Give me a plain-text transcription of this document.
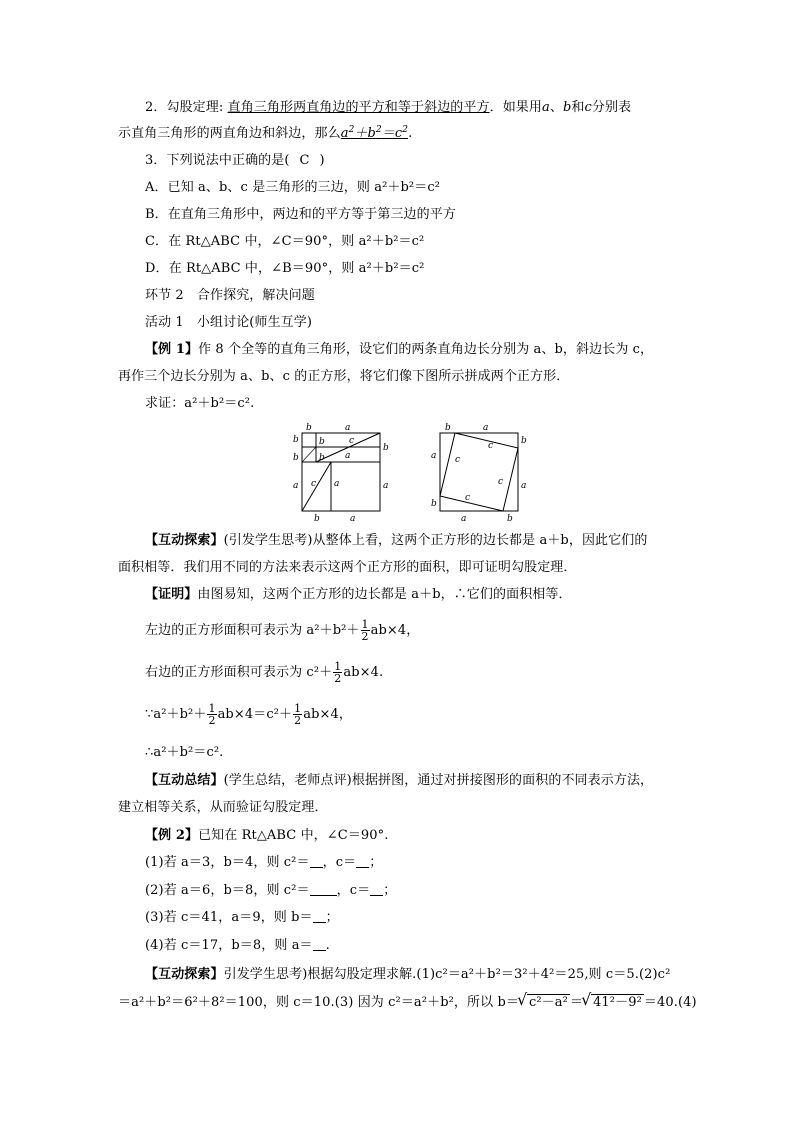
2．勾股定理: 直角三角形两直角边的平方和等于斜边的平方．如果用a、b和c分别表
示直角三角形的两直角边和斜边，那么$a^2+b^2=c^2$.
3．下列说法中正确的是( C )
A．已知 a、b、c 是三角形的三边，则 a²＋b²＝c²
B．在直角三角形中，两边和的平方等于第三边的平方
C．在 Rt△ABC 中，∠C＝90°，则 a²＋b²＝c²
D．在 Rt△ABC 中，∠B＝90°，则 a²＋b²＝c²
环节 2　合作探究，解决问题
活动 1　小组讨论(师生互学)
【例 1】作 8 个全等的直角三角形，设它们的两条直角边长分别为 a、b，斜边长为 c，
再作三个边长分别为 a、b、c 的正方形，将它们像下图所示拼成两个正方形．
求证：a²＋b²＝c².
b	a
b
b
a
b
a
c
a
b
b
c a
b	a
b	a
a
b
b
a
a	b
c
c
c
c
【互动探索】(引发学生思考)从整体上看，这两个正方形的边长都是 a＋b，因此它们的
面积相等．我们用不同的方法来表示这两个正方形的面积，即可证明勾股定理．
【证明】由图易知，这两个正方形的边长都是 a＋b，∴它们的面积相等．
左边的正方形面积可表示为 $a^2+b^2+ \frac{1}{2} ab\times 4$，
右边的正方形面积可表示为 $c^2+ \frac{1}{2} ab\times 4$.
∵a²＋b²＋ $\frac{1}{2} ab\times 4=c^2+ \frac{1}{2} ab\times 4$，
∴a²＋b²＝c².
【互动总结】(学生总结，老师点评)根据拼图，通过对拼接图形的面积的不同表示方法，
建立相等关系，从而验证勾股定理．
【例 2】已知在 Rt△ABC 中，∠C＝90°.
(1)若 a＝3，b＝4，则 c²＝ ，c＝ ；
(2)若 a＝6，b＝8，则 c²＝ ，c＝ ；
(3)若 c＝41，a＝9，则 b＝ ；
(4)若 c＝17，b＝8，则 a＝ .
【互动探索】引发学生思考)根据勾股定理求解.(1)c²＝a²＋b²＝3²＋4²＝25,则 c＝5.(2)c²
＝a²＋b²＝6²＋8²＝100，则 c＝10.(3) 因为 c²＝a²＋b²，所以 b＝ √ c²－a² ＝ √ 41²－9² ＝40.(4)
